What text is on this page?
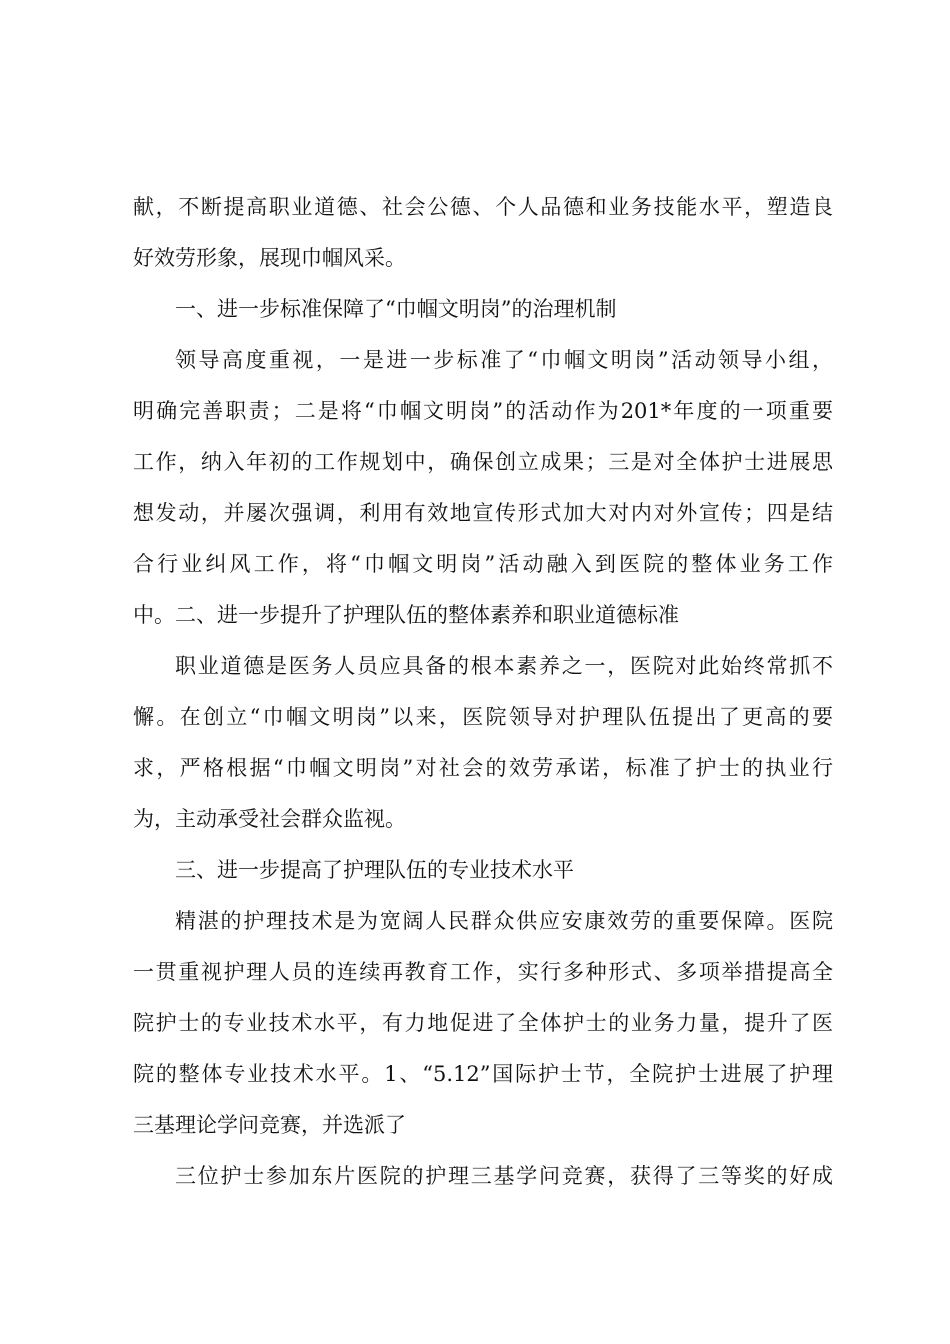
献，不断提高职业道德、社会公德、个人品德和业务技能水平，塑造良
好效劳形象，展现巾帼风采。
一、进一步标准保障了“巾帼文明岗”的治理机制
领导高度重视，一是进一步标准了“巾帼文明岗”活动领导小组，
明确完善职责；二是将“巾帼文明岗”的活动作为201*年度的一项重要
工作，纳入年初的工作规划中，确保创立成果；三是对全体护士进展思
想发动，并屡次强调，利用有效地宣传形式加大对内对外宣传；四是结
合行业纠风工作，将“巾帼文明岗”活动融入到医院的整体业务工作
中。二、进一步提升了护理队伍的整体素养和职业道德标准
职业道德是医务人员应具备的根本素养之一，医院对此始终常抓不
懈。在创立“巾帼文明岗”以来，医院领导对护理队伍提出了更高的要
求，严格根据“巾帼文明岗”对社会的效劳承诺，标准了护士的执业行
为，主动承受社会群众监视。
三、进一步提高了护理队伍的专业技术水平
精湛的护理技术是为宽阔人民群众供应安康效劳的重要保障。医院
一贯重视护理人员的连续再教育工作，实行多种形式、多项举措提高全
院护士的专业技术水平，有力地促进了全体护士的业务力量，提升了医
院的整体专业技术水平。1、“5.12”国际护士节，全院护士进展了护理
三基理论学问竞赛，并选派了
三位护士参加东片医院的护理三基学问竞赛，获得了三等奖的好成
